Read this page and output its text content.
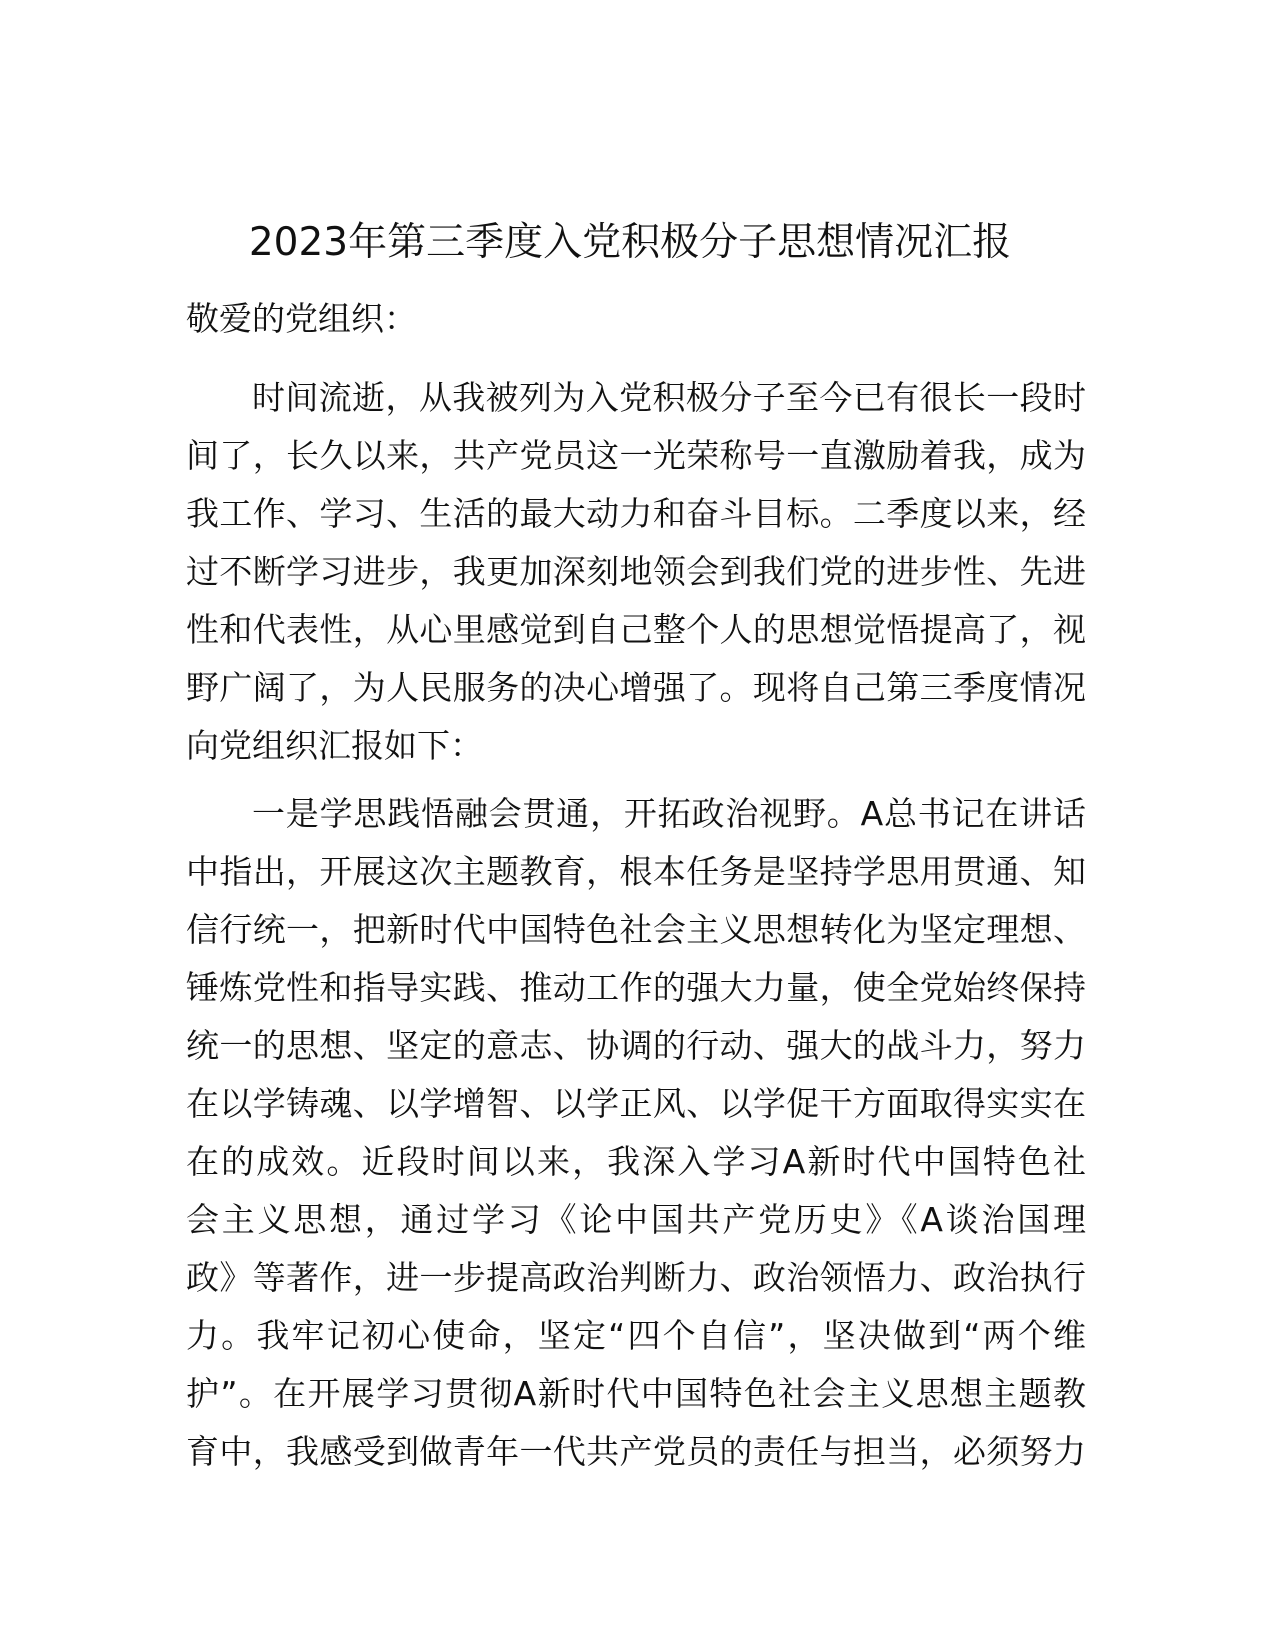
2023年第三季度入党积极分子思想情况汇报
敬爱的党组织：
时间流逝，从我被列为入党积极分子至今已有很长一段时
间了，长久以来，共产党员这一光荣称号一直激励着我，成为
我工作、学习、生活的最大动力和奋斗目标。二季度以来，经
过不断学习进步，我更加深刻地领会到我们党的进步性、先进
性和代表性，从心里感觉到自己整个人的思想觉悟提高了，视
野广阔了，为人民服务的决心增强了。现将自己第三季度情况
向党组织汇报如下：
一是学思践悟融会贯通，开拓政治视野。A总书记在讲话
中指出，开展这次主题教育，根本任务是坚持学思用贯通、知
信行统一，把新时代中国特色社会主义思想转化为坚定理想、
锤炼党性和指导实践、推动工作的强大力量，使全党始终保持
统一的思想、坚定的意志、协调的行动、强大的战斗力，努力
在以学铸魂、以学增智、以学正风、以学促干方面取得实实在
在的成效。近段时间以来，我深入学习A新时代中国特色社
会主义思想，通过学习《论中国共产党历史》《A谈治国理
政》等著作，进一步提高政治判断力、政治领悟力、政治执行
力。我牢记初心使命，坚定“四个自信”，坚决做到“两个维
护”。在开展学习贯彻A新时代中国特色社会主义思想主题教
育中，我感受到做青年一代共产党员的责任与担当，必须努力
